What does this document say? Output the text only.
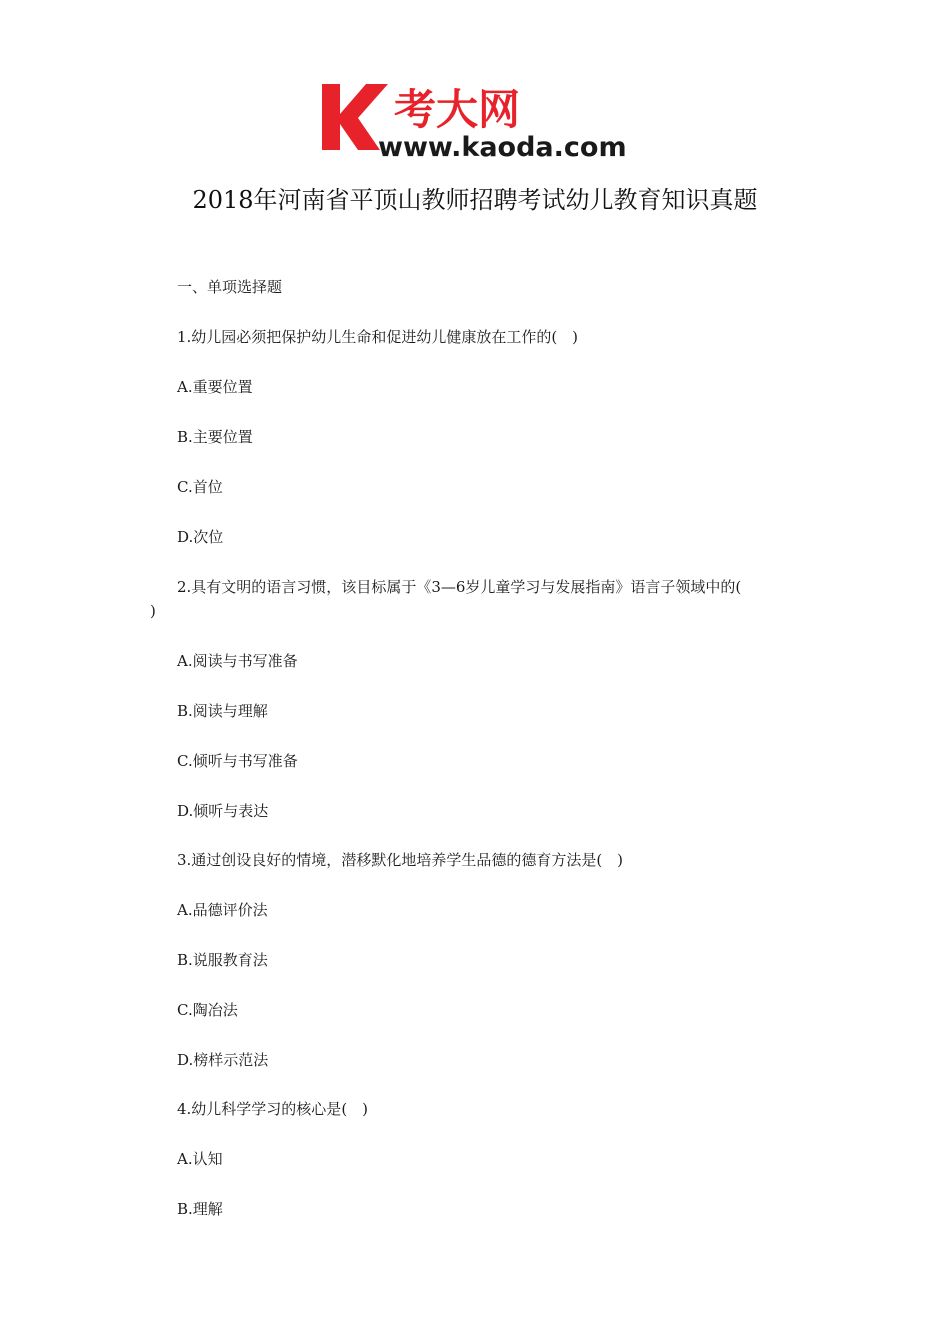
考大网
www.kaoda.com
2018年河南省平顶山教师招聘考试幼儿教育知识真题
一、单项选择题
1.幼儿园必须把保护幼儿生命和促进幼儿健康放在工作的(　)
A.重要位置
B.主要位置
C.首位
D.次位
2.具有文明的语言习惯，该目标属于《3—6岁儿童学习与发展指南》语言子领域中的(
)
A.阅读与书写准备
B.阅读与理解
C.倾听与书写准备
D.倾听与表达
3.通过创设良好的情境，潜移默化地培养学生品德的德育方法是(　)
A.品德评价法
B.说服教育法
C.陶冶法
D.榜样示范法
4.幼儿科学学习的核心是(　)
A.认知
B.理解
